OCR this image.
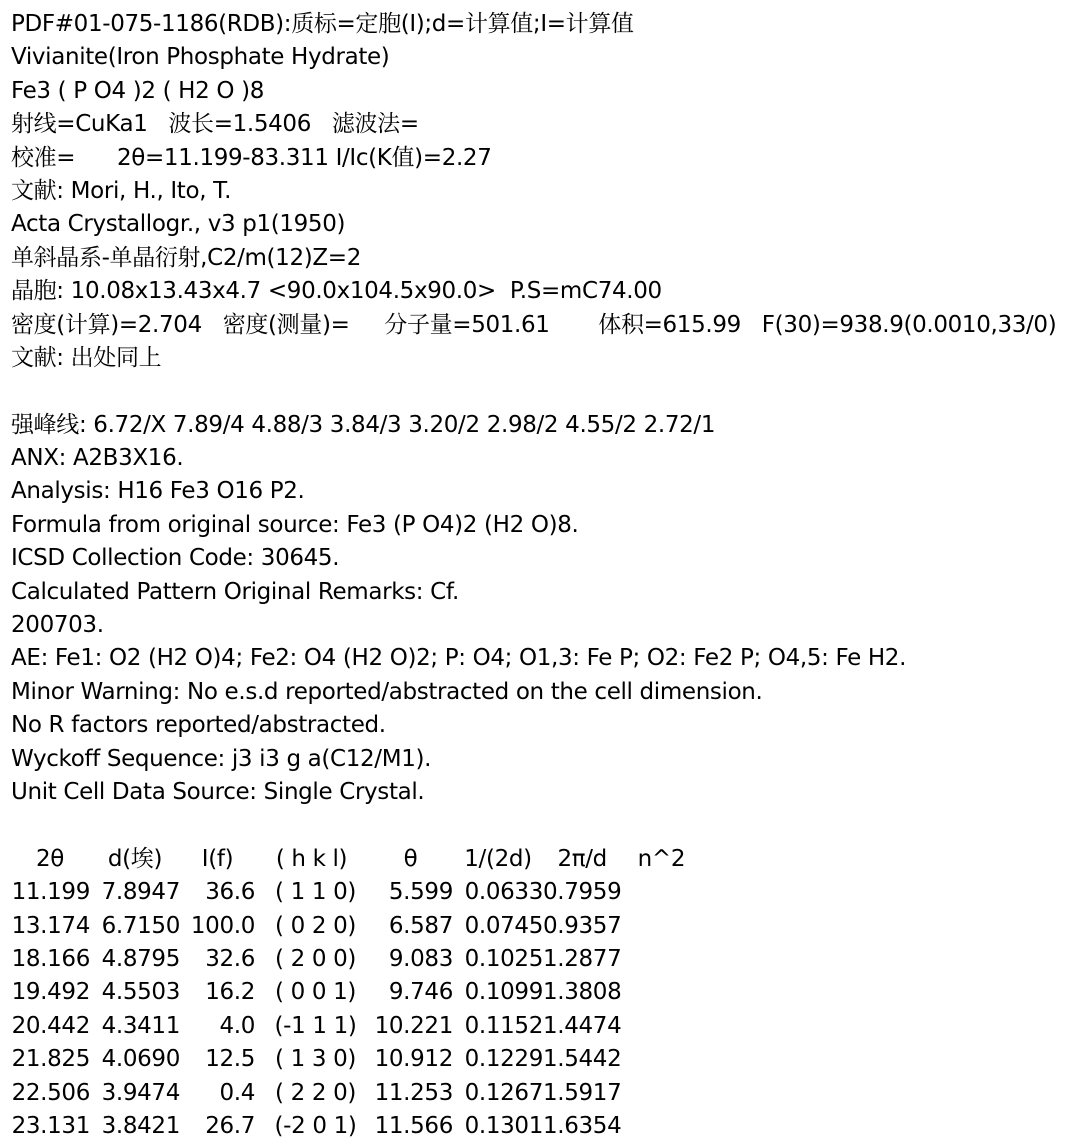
PDF#01-075-1186(RDB):质标=定胞(I);d=计算值;I=计算值
Vivianite(Iron Phosphate Hydrate)
Fe3 ( P O4 )2 ( H2 O )8
射线=CuKa1   波长=1.5406   滤波法=
校准=      2θ=11.199-83.311 I/Ic(K值)=2.27
文献: Mori, H., Ito, T.
Acta Crystallogr., v3 p1(1950)
单斜晶系-单晶衍射,C2/m(12)Z=2
晶胞: 10.08x13.43x4.7 <90.0x104.5x90.0>  P.S=mC74.00
密度(计算)=2.704   密度(测量)=     分子量=501.61       体积=615.99   F(30)=938.9(0.0010,33/0)
文献: 出处同上
强峰线: 6.72/X 7.89/4 4.88/3 3.84/3 3.20/2 2.98/2 4.55/2 2.72/1
ANX: A2B3X16.
Analysis: H16 Fe3 O16 P2.
Formula from original source: Fe3 (P O4)2 (H2 O)8.
ICSD Collection Code: 30645.
Calculated Pattern Original Remarks: Cf.
200703.
AE: Fe1: O2 (H2 O)4; Fe2: O4 (H2 O)2; P: O4; O1,3: Fe P; O2: Fe2 P; O4,5: Fe H2.
Minor Warning: No e.s.d reported/abstracted on the cell dimension.
No R factors reported/abstracted.
Wyckoff Sequence: j3 i3 g a(C12/M1).
Unit Cell Data Source: Single Crystal.
2θ	d(埃)	I(f)	( h k l)	θ	1/(2d)	2π/d	n^2
11.199	7.8947	36.6	( 1 1 0)	5.599	0.0633	0.7959	
13.174	6.7150	100.0	( 0 2 0)	6.587	0.0745	0.9357	
18.166	4.8795	32.6	( 2 0 0)	9.083	0.1025	1.2877	
19.492	4.5503	16.2	( 0 0 1)	9.746	0.1099	1.3808	
20.442	4.3411	4.0	(-1 1 1)	10.221	0.1152	1.4474	
21.825	4.0690	12.5	( 1 3 0)	10.912	0.1229	1.5442	
22.506	3.9474	0.4	( 2 2 0)	11.253	0.1267	1.5917	
23.131	3.8421	26.7	(-2 0 1)	11.566	0.1301	1.6354	
